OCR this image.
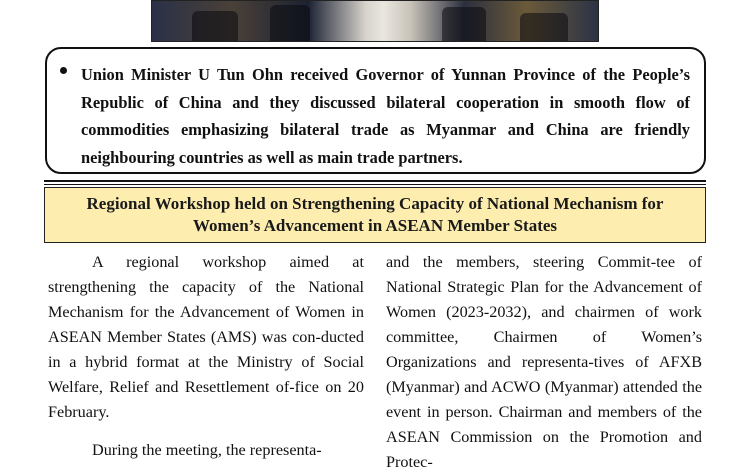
Union Minister U Tun Ohn received Governor of Yunnan Province of the People’s Republic of China and they discussed bilateral cooperation in smooth flow of commodities emphasizing bilateral trade as Myanmar and China are friendly neighbouring countries as well as main trade partners.

Regional Workshop held on Strengthening Capacity of National Mechanism for
Women’s Advancement in ASEAN Member States

A regional workshop aimed at strengthening the capacity of the National Mechanism for the Advancement of Women in ASEAN Member States (AMS) was con-ducted in a hybrid format at the Ministry of Social Welfare, Relief and Resettlement of-fice on 20 February.

During the meeting, the representa-

and the members, steering Commit-tee of National Strategic Plan for the Advancement of Women (2023-2032), and chairmen of work committee, Chairmen of Women’s Organizations and representa-tives of AFXB (Myanmar) and ACWO (Myanmar) attended the event in person. Chairman and members of the ASEAN Commission on the Promotion and Protec-
